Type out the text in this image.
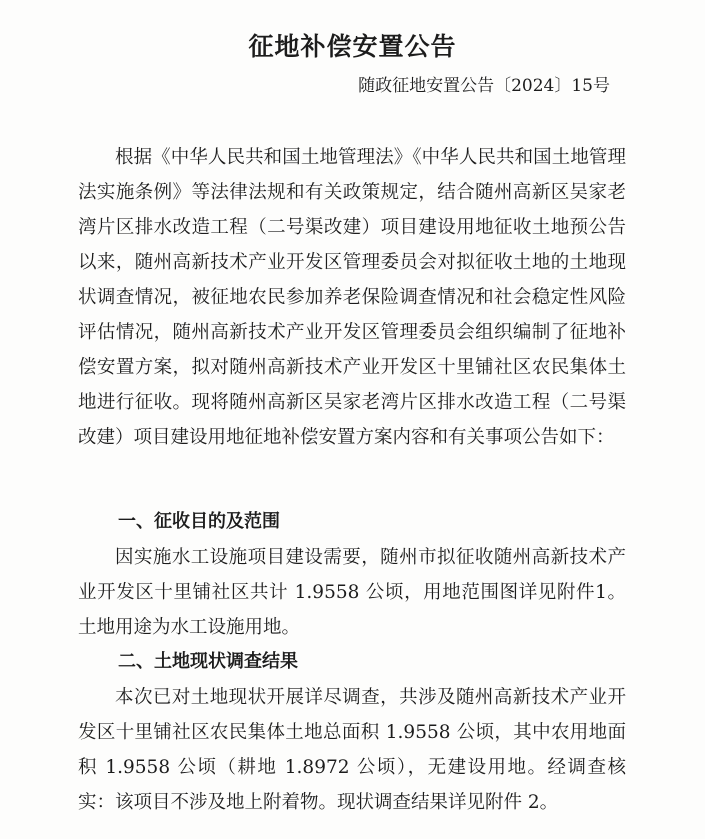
征地补偿安置公告
随政征地安置公告〔2024〕15号

根据《中华人民共和国土地管理法》《中华人民共和国土地管理法实施条例》等法律法规和有关政策规定，结合随州高新区吴家老湾片区排水改造工程（二号渠改建）项目建设用地征收土地预公告以来，随州高新技术产业开发区管理委员会对拟征收土地的土地现状调查情况，被征地农民参加养老保险调查情况和社会稳定性风险评估情况，随州高新技术产业开发区管理委员会组织编制了征地补偿安置方案，拟对随州高新技术产业开发区十里铺社区农民集体土地进行征收。现将随州高新区吴家老湾片区排水改造工程（二号渠改建）项目建设用地征地补偿安置方案内容和有关事项公告如下：

一、征收目的及范围

因实施水工设施项目建设需要，随州市拟征收随州高新技术产业开发区十里铺社区共计 1.9558 公顷，用地范围图详见附件1。土地用途为水工设施用地。

二、土地现状调查结果

本次已对土地现状开展详尽调查，共涉及随州高新技术产业开发区十里铺社区农民集体土地总面积 1.9558 公顷，其中农用地面积 1.9558 公顷（耕地 1.8972 公顷），无建设用地。经调查核实：该项目不涉及地上附着物。现状调查结果详见附件 2。
